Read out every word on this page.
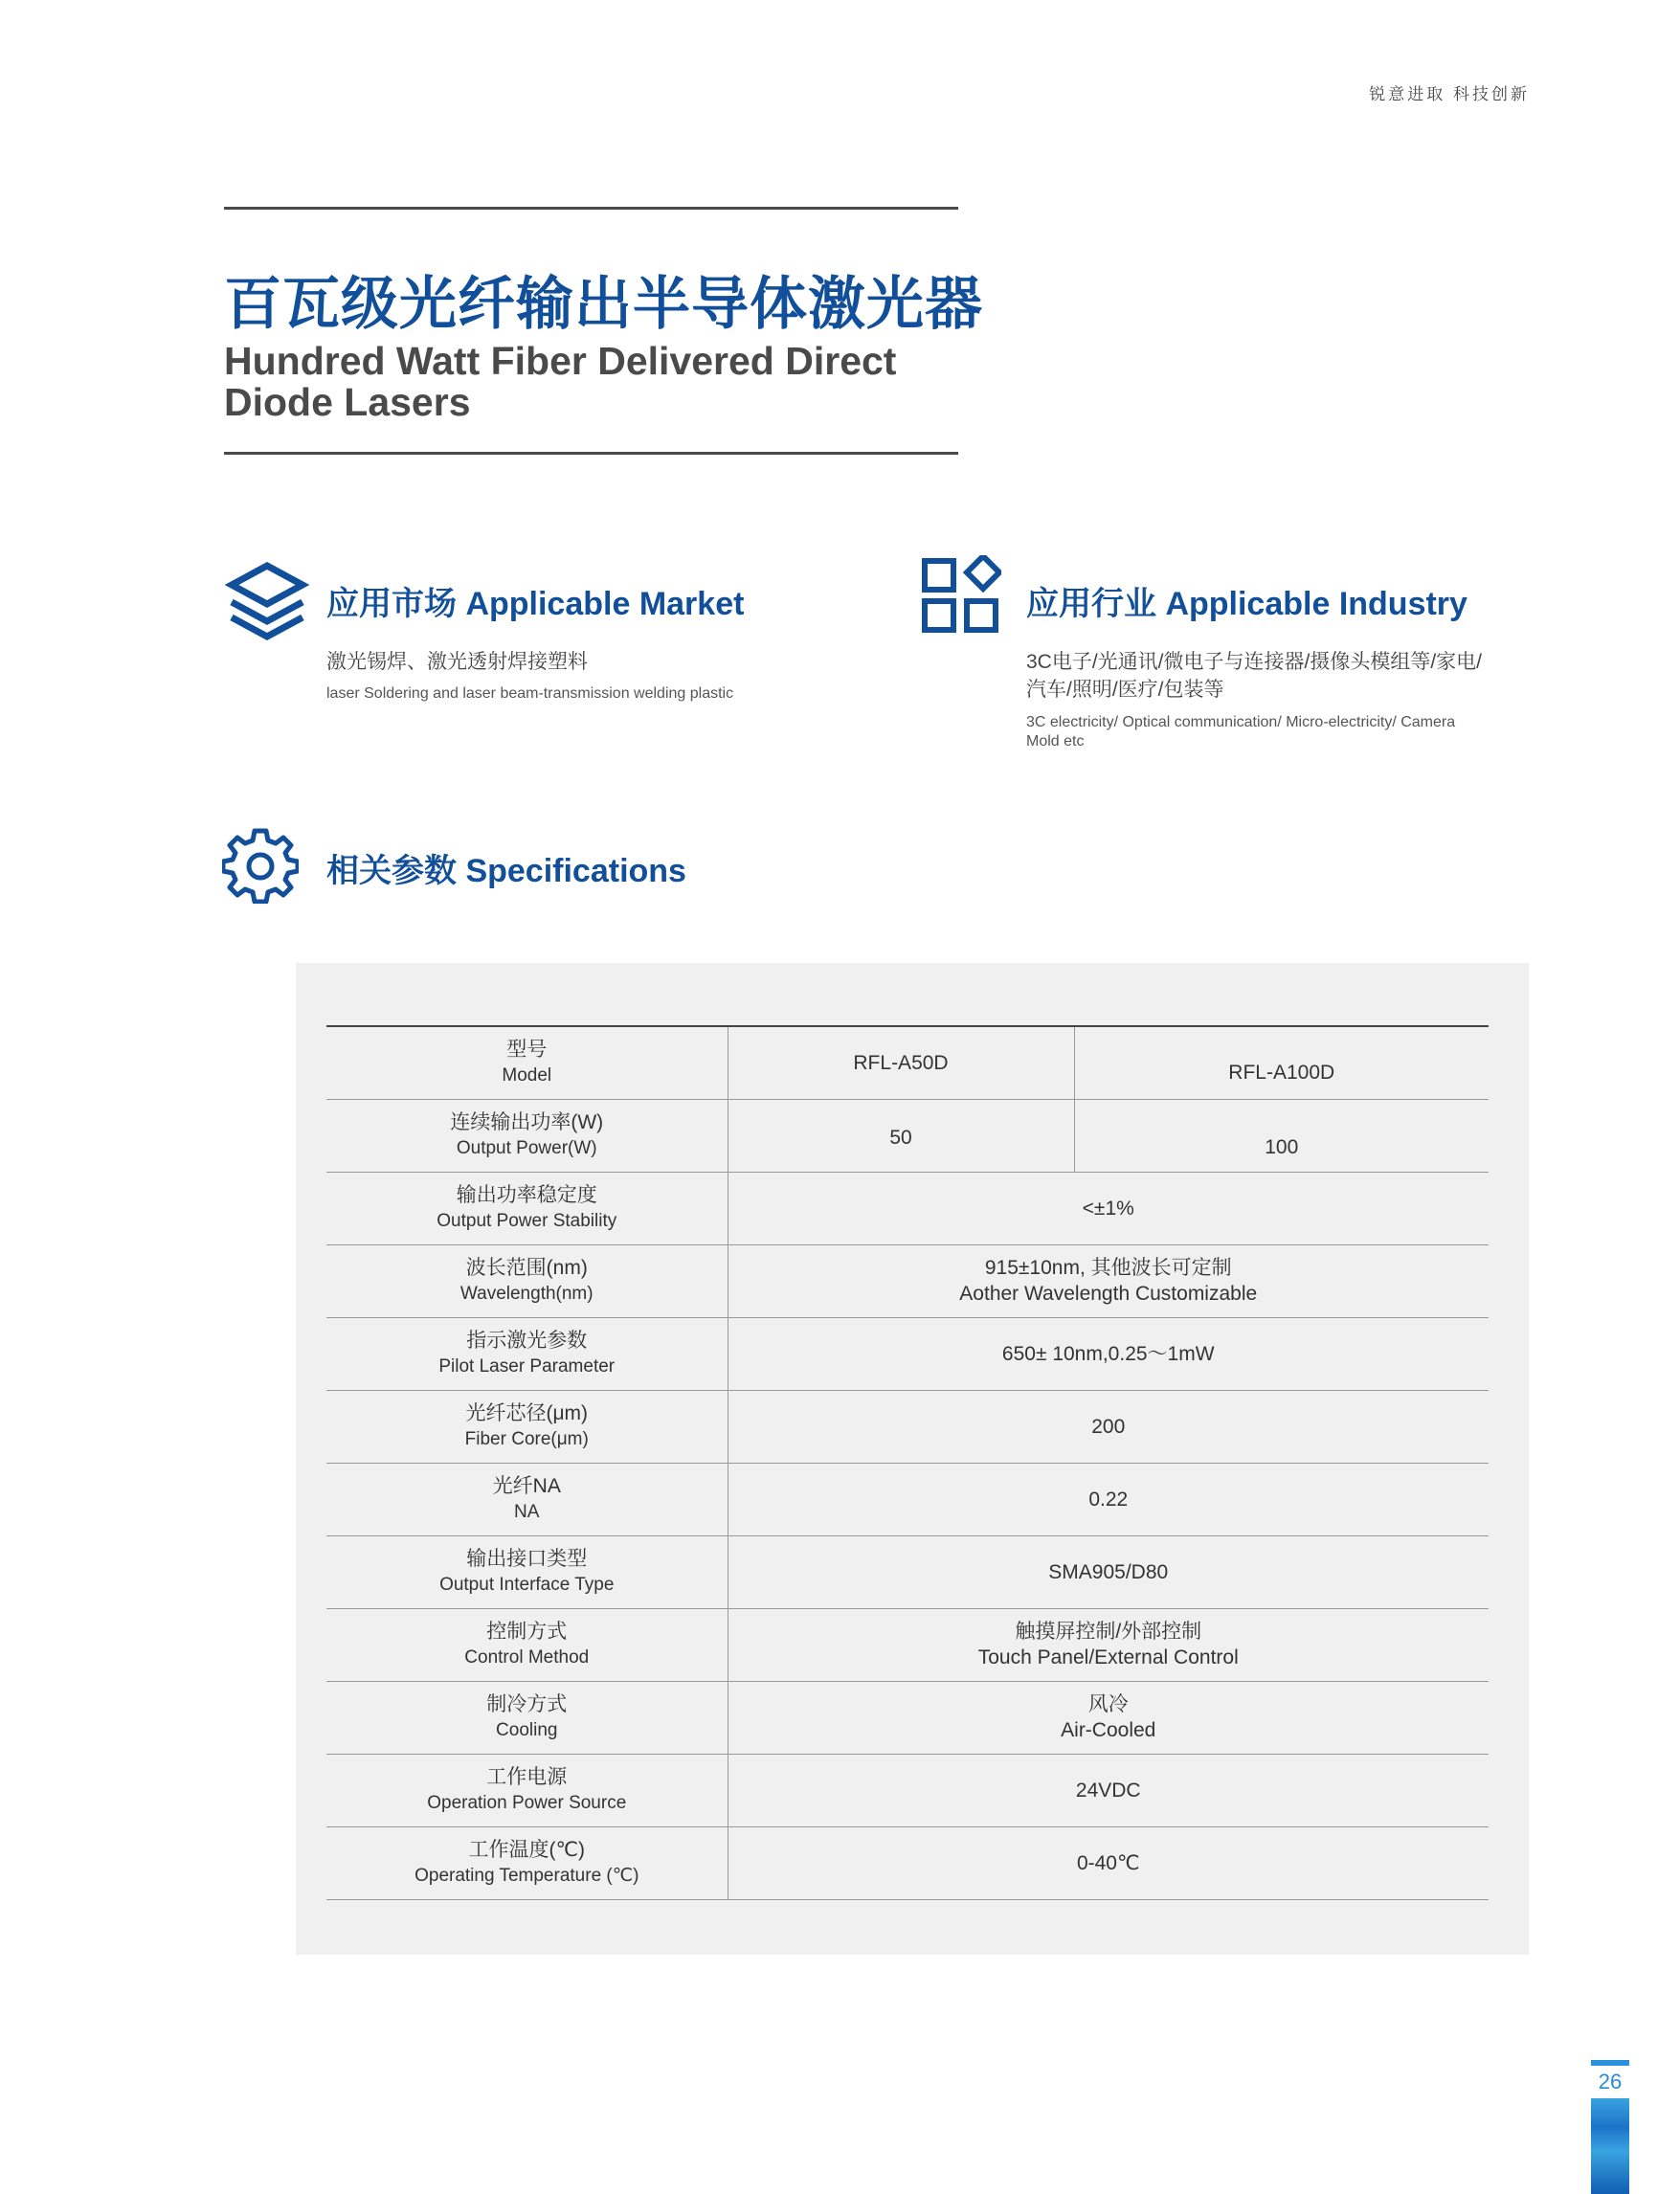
锐意进取 科技创新
百瓦级光纤输出半导体激光器
Hundred Watt Fiber Delivered Direct
Diode Lasers
应用市场 Applicable Market
激光锡焊、激光透射焊接塑料
laser Soldering and laser beam-transmission welding plastic
应用行业 Applicable Industry
3C电子/光通讯/微电子与连接器/摄像头模组等/家电/
汽车/照明/医疗/包装等
3C electricity/ Optical communication/ Micro-electricity/ Camera
Mold etc
相关参数 Specifications
型号
Model	RFL-A50D	RFL-A100D

连续输出功率(W)
Output Power(W)	50	100

输出功率稳定度
Output Power Stability	<±1%	

波长范围(nm)
Wavelength(nm)	915±10nm, 其他波长可定制
Aother Wavelength Customizable	

指示激光参数
Pilot Laser Parameter	650± 10nm,0.25～1mW	

光纤芯径(μm)
Fiber Core(μm)	200	

光纤NA
NA	0.22	

输出接口类型
Output Interface Type	SMA905/D80	

控制方式
Control Method	触摸屏控制/外部控制
Touch Panel/External Control	

制冷方式
Cooling	风冷
Air-Cooled	

工作电源
Operation Power Source	24VDC	

工作温度(℃)
Operating Temperature (℃)	0-40℃	
26
